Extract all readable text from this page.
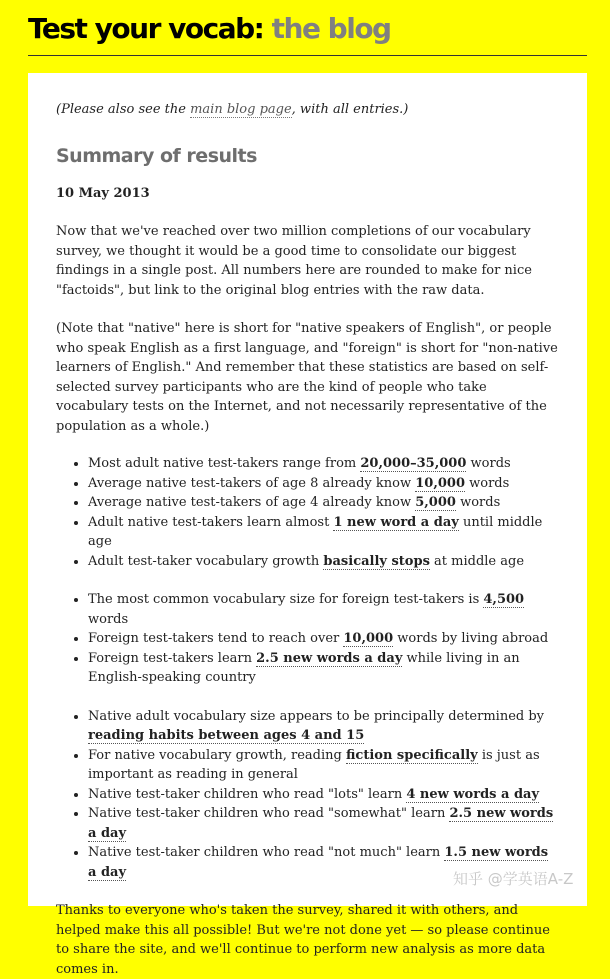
Test your vocab: the blog

(Please also see the main blog page, with all entries.)

Summary of results
10 May 2013

Now that we've reached over two million completions of our vocabulary survey, we thought it would be a good time to consolidate our biggest findings in a single post. All numbers here are rounded to make for nice "factoids", but link to the original blog entries with the raw data.

(Note that "native" here is short for "native speakers of English", or people who speak English as a first language, and "foreign" is short for "non-native learners of English." And remember that these statistics are based on self-selected survey participants who are the kind of people who take vocabulary tests on the Internet, and not necessarily representative of the population as a whole.)

• Most adult native test-takers range from 20,000–35,000 words
• Average native test-takers of age 8 already know 10,000 words
• Average native test-takers of age 4 already know 5,000 words
• Adult native test-takers learn almost 1 new word a day until middle age
• Adult test-taker vocabulary growth basically stops at middle age
• The most common vocabulary size for foreign test-takers is 4,500 words
• Foreign test-takers tend to reach over 10,000 words by living abroad
• Foreign test-takers learn 2.5 new words a day while living in an English-speaking country
• Native adult vocabulary size appears to be principally determined by reading habits between ages 4 and 15
• For native vocabulary growth, reading fiction specifically is just as important as reading in general
• Native test-taker children who read "lots" learn 4 new words a day
• Native test-taker children who read "somewhat" learn 2.5 new words a day
• Native test-taker children who read "not much" learn 1.5 new words a day

Thanks to everyone who's taken the survey, shared it with others, and helped make this all possible! But we're not done yet — so please continue to share the site, and we'll continue to perform new analysis as more data comes in.

知乎 @学英语A-Z
